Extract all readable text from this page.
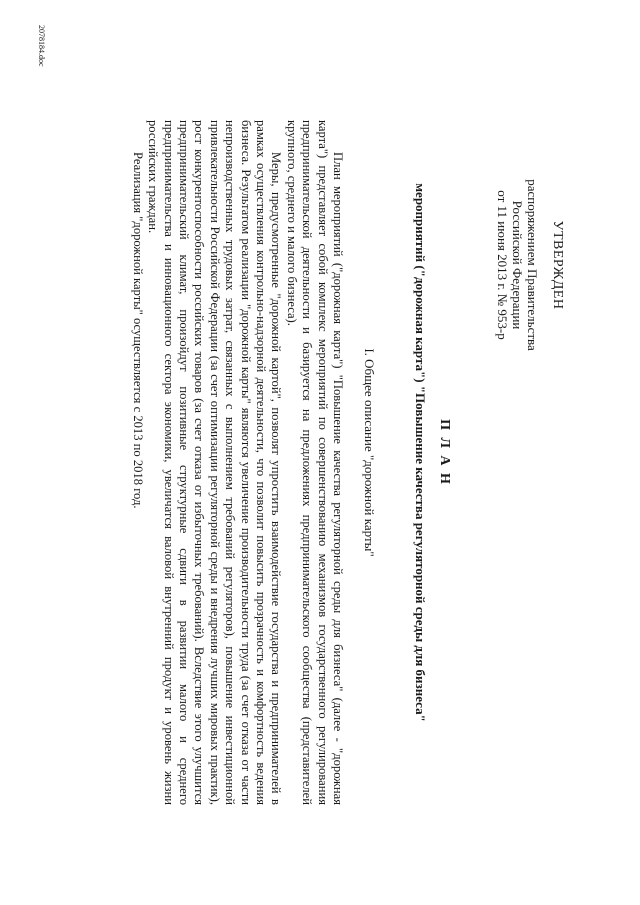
УТВЕРЖДЕН
распоряжением Правительства
Российской Федерации
от 11 июня 2013 г. № 953-р
П Л А Н
мероприятий ("дорожная карта") "Повышение качества регуляторной среды для бизнеса"
I. Общее описание "дорожной карты"

План мероприятий ("дорожная карта") "Повышение качества регуляторной среды для бизнеса" (далее - "дорожная карта") представляет собой комплекс мероприятий по совершенствованию механизмов государственного регулирования предпринимательской деятельности и базируется на предложениях предпринимательского сообщества (представителей крупного, среднего и малого бизнеса).

Меры, предусмотренные "дорожной картой", позволят упростить взаимодействие государства и предпринимателей в рамках осуществления контрольно-надзорной деятельности, что позволит повысить прозрачность и комфортность ведения бизнеса. Результатом реализации "дорожной карты" являются увеличение производительности труда (за счет отказа от части непроизводственных трудовых затрат, связанных с выполнением требований регуляторов), повышение инвестиционной привлекательности Российской Федерации (за счет оптимизации регуляторной среды и внедрения лучших мировых практик), рост конкурентоспособности российских товаров (за счет отказа от избыточных требований). Вследствие этого улучшится предпринимательский климат, произойдут позитивные структурные сдвиги в развитии малого и среднего предпринимательства и инновационного сектора экономики, увеличатся валовой внутренний продукт и уровень жизни российских граждан.

Реализация "дорожной карты" осуществляется с 2013 по 2018 год.

2078184.doc
